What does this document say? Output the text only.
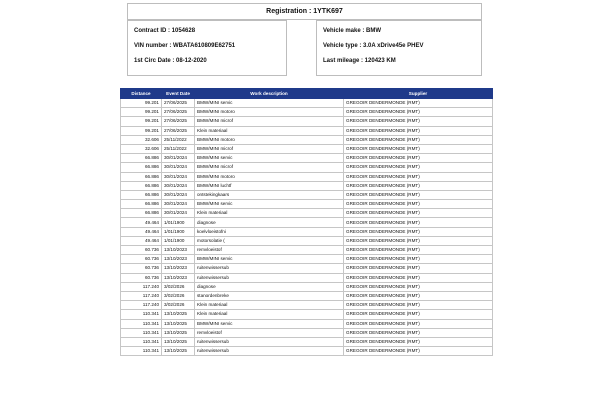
Registration : 1YTK697
Contract ID : 1054628
VIN number : WBATA610809E62751
1st Circ Date : 08-12-2020
Vehicle make : BMW
Vehicle type : 3.0A xDrive45e PHEV
Last mileage : 120423 KM
Distance	Event Date	Work description	Supplier
99.201	27/06/2025	BMW/MINI servic	GREGOIR DENDERMONDE (RMT)
99.201	27/06/2025	BMW/MINI motoro	GREGOIR DENDERMONDE (RMT)
99.201	27/06/2025	BMW/MINI microf	GREGOIR DENDERMONDE (RMT)
99.201	27/06/2025	Klein materiaal	GREGOIR DENDERMONDE (RMT)
32.606	25/11/2022	BMW/MINI motoro	GREGOIR DENDERMONDE (RMT)
32.606	25/11/2022	BMW/MINI microf	GREGOIR DENDERMONDE (RMT)
66.886	30/01/2024	BMW/MINI servic	GREGOIR DENDERMONDE (RMT)
66.886	30/01/2024	BMW/MINI microf	GREGOIR DENDERMONDE (RMT)
66.886	30/01/2024	BMW/MINI motoro	GREGOIR DENDERMONDE (RMT)
66.886	30/01/2024	BMW/MINI luchtf	GREGOIR DENDERMONDE (RMT)
66.886	30/01/2024	ontstekingkaars	GREGOIR DENDERMONDE (RMT)
66.886	30/01/2024	BMW/MINI servic	GREGOIR DENDERMONDE (RMT)
66.886	30/01/2024	Klein materiaal	GREGOIR DENDERMONDE (RMT)
49.464	1/01/1900	diagnose	GREGOIR DENDERMONDE (RMT)
49.464	1/01/1900	koelvloeistofni	GREGOIR DENDERMONDE (RMT)
49.464	1/01/1900	motorsolatie (	GREGOIR DENDERMONDE (RMT)
60.736	13/10/2023	remvloeistof	GREGOIR DENDERMONDE (RMT)
60.736	13/10/2023	BMW/MINI servic	GREGOIR DENDERMONDE (RMT)
60.736	13/10/2023	ruitenwissersub	GREGOIR DENDERMONDE (RMT)
60.736	13/10/2023	ruitenwissersub	GREGOIR DENDERMONDE (RMT)
117.240	3/02/2026	diagnose	GREGOIR DENDERMONDE (RMT)
117.240	3/02/2026	stanordenbreke	GREGOIR DENDERMONDE (RMT)
117.240	3/02/2026	Klein materiaal	GREGOIR DENDERMONDE (RMT)
110.341	13/10/2025	Klein materiaal	GREGOIR DENDERMONDE (RMT)
110.341	13/10/2025	BMW/MINI servic	GREGOIR DENDERMONDE (RMT)
110.341	13/10/2025	remvloeistof	GREGOIR DENDERMONDE (RMT)
110.341	13/10/2025	ruitenwissersub	GREGOIR DENDERMONDE (RMT)
110.341	13/10/2025	ruitenwissersub	GREGOIR DENDERMONDE (RMT)
